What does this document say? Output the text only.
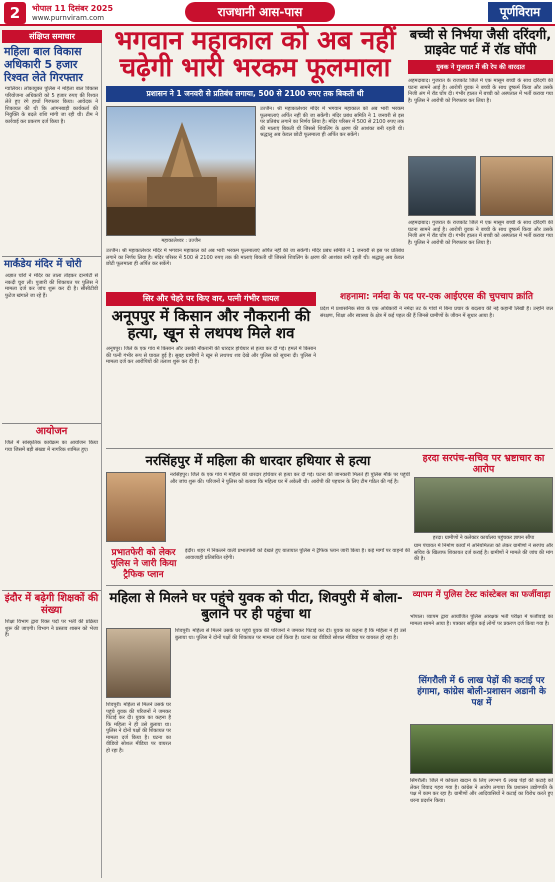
2	भोपाल 11 दिसंबर 2025
www.purnviram.com	राजधानी आस-पास	पूर्णविराम
संक्षिप्त समाचार
महिला बाल विकास अधिकारी 5 हजार रिश्वत लेते गिरफ्तार
ग्वालियर। लोकायुक्त पुलिस ने महिला बाल विकास परियोजना अधिकारी को 5 हजार रुपए की रिश्वत लेते हुए रंगे हाथों गिरफ्तार किया। आवेदक ने शिकायत की थी कि आंगनबाड़ी कार्यकर्ता की नियुक्ति के बदले राशि मांगी जा रही थी। टीम ने कार्रवाई कर प्रकरण दर्ज किया है।
मार्कंडेय मंदिर में चोरी
अज्ञात चोरों ने मंदिर का ताला तोड़कर दानपेटी से नकदी चुरा ली। पुजारी की शिकायत पर पुलिस ने मामला दर्ज कर जांच शुरू कर दी है। सीसीटीवी फुटेज खंगाले जा रहे हैं।
आयोजन
जिले में सांस्कृतिक कार्यक्रम का आयोजन किया गया जिसमें बड़ी संख्या में नागरिक शामिल हुए।
इंदौर में बढ़ेगी शिक्षकों की संख्या
शिक्षा विभाग द्वारा रिक्त पदों पर भर्ती की प्रक्रिया शुरू की जाएगी। विभाग ने प्रस्ताव शासन को भेजा है।
भगवान महाकाल को अब नहीं चढ़ेगी भारी भरकम फूलमाला
प्रशासन ने 1 जनवरी से प्रतिबंध लगाया, 500 से 2100 रुपए तक बिकती थी
महाकालेश्वर : उज्जैन
उज्जैन। श्री महाकालेश्वर मंदिर में भगवान महाकाल को अब भारी भरकम फूलमालाएं अर्पित नहीं की जा सकेंगी। मंदिर प्रबंध समिति ने 1 जनवरी से इस पर प्रतिबंध लगाने का निर्णय लिया है। मंदिर परिसर में 500 से 2100 रुपए तक की मालाएं बिकती थीं जिससे शिवलिंग के क्षरण की आशंका बनी रहती थी। श्रद्धालु अब केवल छोटी फूलमाला ही अर्पित कर सकेंगे।
उज्जैन। श्री महाकालेश्वर मंदिर में भगवान महाकाल को अब भारी भरकम फूलमालाएं अर्पित नहीं की जा सकेंगी। मंदिर प्रबंध समिति ने 1 जनवरी से इस पर प्रतिबंध लगाने का निर्णय लिया है। मंदिर परिसर में 500 से 2100 रुपए तक की मालाएं बिकती थीं जिससे शिवलिंग के क्षरण की आशंका बनी रहती थी। श्रद्धालु अब केवल छोटी फूलमाला ही अर्पित कर सकेंगे।
बच्ची से निर्भया जैसी दरिंदगी, प्राइवेट पार्ट में रॉड घोंपी
युवक ने गुजरात में की रेप की वारदात
अहमदाबाद। गुजरात के राजकोट जिले में एक मासूम बच्ची के साथ दरिंदगी की घटना सामने आई है। आरोपी युवक ने बच्ची के साथ दुष्कर्म किया और उसके निजी अंग में रॉड घोंप दी। गंभीर हालत में बच्ची को अस्पताल में भर्ती कराया गया है। पुलिस ने आरोपी को गिरफ्तार कर लिया है।
अहमदाबाद। गुजरात के राजकोट जिले में एक मासूम बच्ची के साथ दरिंदगी की घटना सामने आई है। आरोपी युवक ने बच्ची के साथ दुष्कर्म किया और उसके निजी अंग में रॉड घोंप दी। गंभीर हालत में बच्ची को अस्पताल में भर्ती कराया गया है। पुलिस ने आरोपी को गिरफ्तार कर लिया है।
सिर और चेहरे पर किए वार, पत्नी गंभीर घायल
अनूपपुर में किसान और नौकरानी की हत्या, खून से लथपथ मिले शव
अनूपपुर। जिले के एक गांव में किसान और उसकी नौकरानी की धारदार हथियार से हत्या कर दी गई। हमले में किसान की पत्नी गंभीर रूप से घायल हुई है। सुबह ग्रामीणों ने खून से लथपथ शव देखे और पुलिस को सूचना दी। पुलिस ने मामला दर्ज कर आरोपियों की तलाश शुरू कर दी है।
शहनामा: नर्मदा के पद पर-एक आईएएस की चुपचाप क्रांति
प्रदेश में प्रशासनिक सेवा के एक अधिकारी ने नर्मदा तट के गांवों में बिना प्रचार के बदलाव की नई कहानी लिखी है। उन्होंने जल संरक्षण, शिक्षा और स्वास्थ्य के क्षेत्र में कई पहल की हैं जिनसे ग्रामीणों के जीवन में सुधार आया है।
नरसिंहपुर में महिला की धारदार हथियार से हत्या
नरसिंहपुर। जिले के एक गांव में महिला की धारदार हथियार से हत्या कर दी गई। घटना की जानकारी मिलते ही पुलिस मौके पर पहुंची और जांच शुरू की। परिजनों ने पुलिस को बताया कि महिला घर में अकेली थी। आरोपी की पहचान के लिए टीम गठित की गई है।
हरदा सरपंच-सचिव पर भ्रष्टाचार का आरोप
हरदा। ग्रामीणों ने कलेक्टर कार्यालय पहुंचकर ज्ञापन सौंपा
ग्राम पंचायत में निर्माण कार्यों में अनियमितता को लेकर ग्रामीणों ने सरपंच और सचिव के खिलाफ शिकायत दर्ज कराई है। ग्रामीणों ने मामले की जांच की मांग की है।
प्रभातफेरी को लेकर पुलिस ने जारी किया ट्रैफिक प्लान
इंदौर। शहर में निकलने वाली प्रभातफेरी को देखते हुए यातायात पुलिस ने ट्रैफिक प्लान जारी किया है। कई मार्गों पर वाहनों की आवाजाही प्रतिबंधित रहेगी।
महिला से मिलने घर पहुंचे युवक को पीटा, शिवपुरी में बोला- बुलाने पर ही पहुंचा था
शिवपुरी। महिला से मिलने उसके घर पहुंचे युवक की परिजनों ने जमकर पिटाई कर दी। युवक का कहना है कि महिला ने ही उसे बुलाया था। पुलिस ने दोनों पक्षों की शिकायत पर मामला दर्ज किया है। घटना का वीडियो सोशल मीडिया पर वायरल हो रहा है।
शिवपुरी। महिला से मिलने उसके घर पहुंचे युवक की परिजनों ने जमकर पिटाई कर दी। युवक का कहना है कि महिला ने ही उसे बुलाया था। पुलिस ने दोनों पक्षों की शिकायत पर मामला दर्ज किया है। घटना का वीडियो सोशल मीडिया पर वायरल हो रहा है।
व्यापम में पुलिस टेस्ट कांस्टेबल का फर्जीवाड़ा
भोपाल। व्यापम द्वारा आयोजित पुलिस आरक्षक भर्ती परीक्षा में फर्जीवाड़े का मामला सामने आया है। पत्रकार सहित कई लोगों पर प्रकरण दर्ज किया गया है।
सिंगरौली में 6 लाख पेड़ों की कटाई पर हंगामा, कांग्रेस बोली-प्रशासन अडानी के पक्ष में
सिंगरौली। जिले में कोयला खदान के लिए लगभग 6 लाख पेड़ों की कटाई को लेकर विवाद गहरा गया है। कांग्रेस ने आरोप लगाया कि प्रशासन उद्योगपति के पक्ष में काम कर रहा है। ग्रामीणों और आदिवासियों ने कटाई का विरोध करते हुए धरना प्रदर्शन किया।
